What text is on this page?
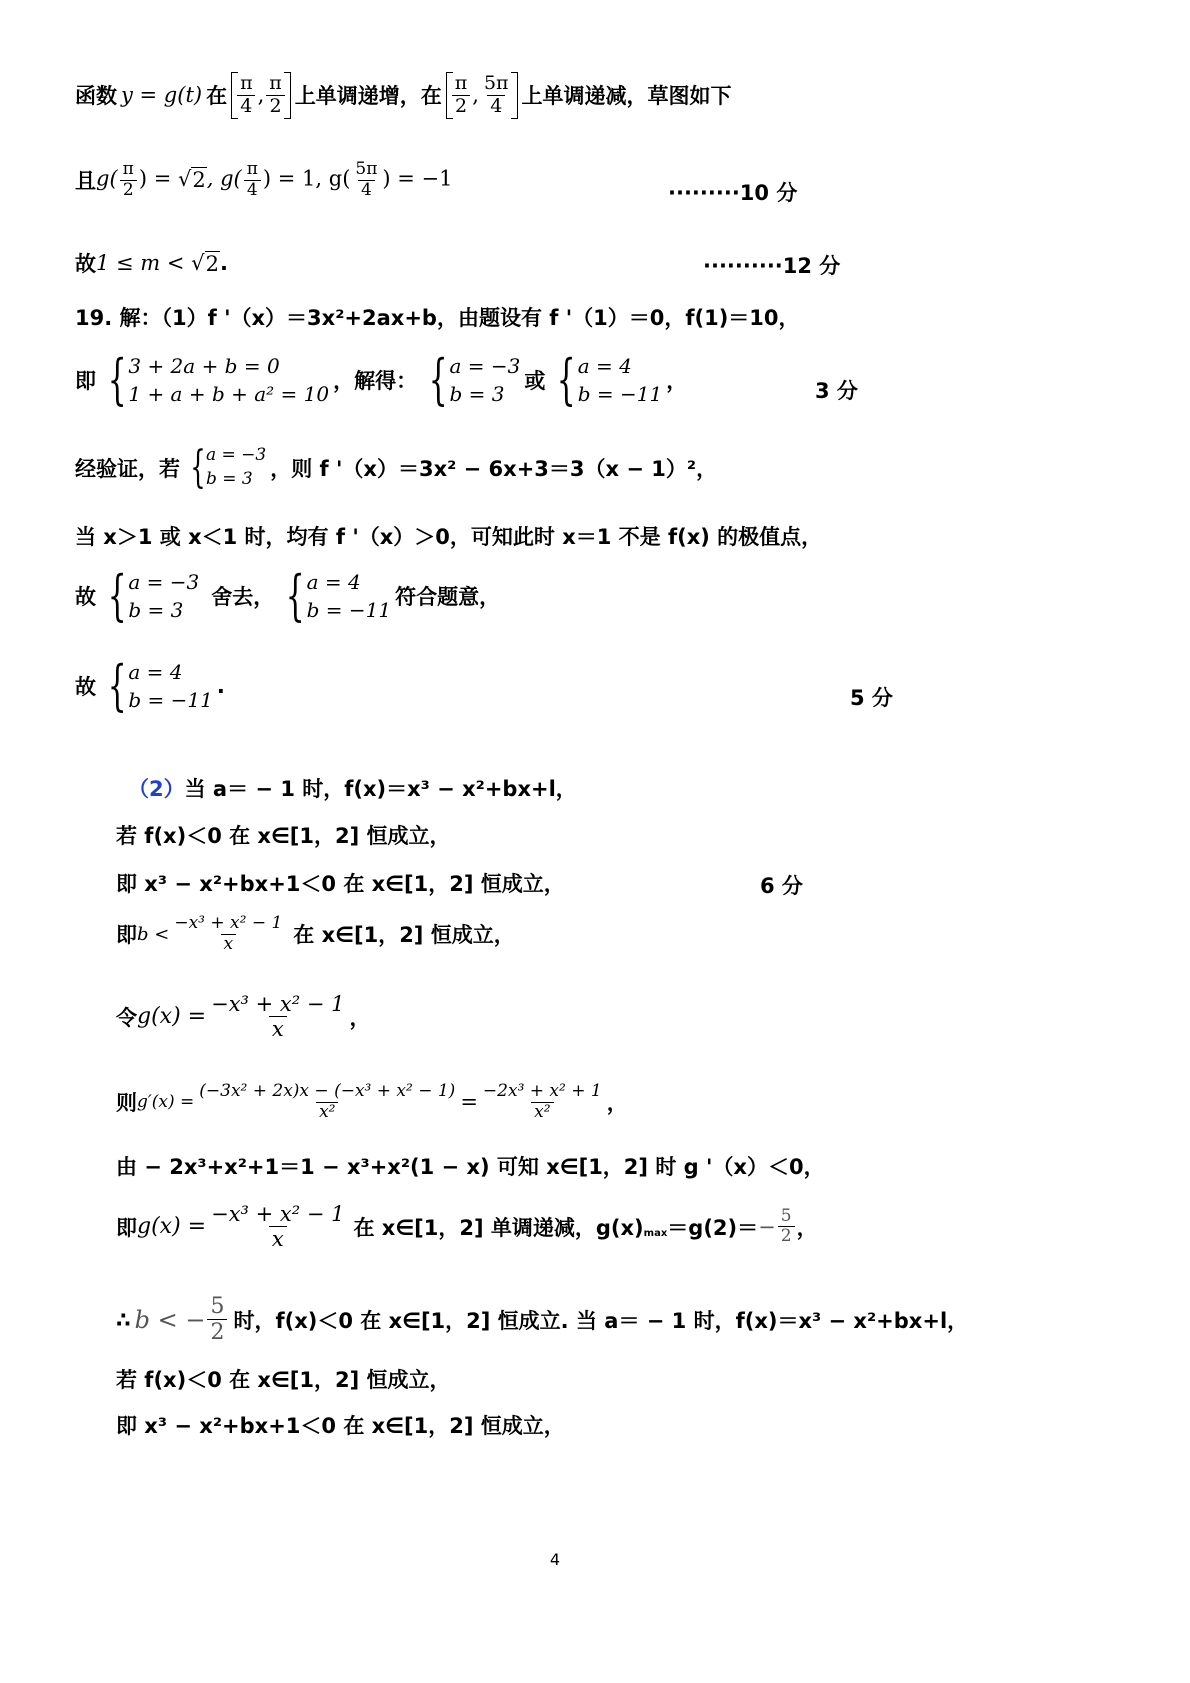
函数 y = g(t) 在 $\frac{\pi}{4}$ , $\frac{\pi}{2}$ 上单调递增，在 $\frac{\pi}{2}$ , $\frac{5\pi}{4}$ 上单调递减，草图如下
且 $g( \frac{\pi}{2}$ ) = √ 2 , $g( \frac{\pi}{4}$ ) = 1, $g( \frac{5\pi}{4}$ ) = −1
·········10 分
故 1 ≤ m < √ 2 .	··········12 分
19. 解：（1）f '（x）＝3x²+2ax+b，由题设有 f '（1）＝0，f(1)＝10，
即 { 3 + 2a + b = 0
1 + a + b + a² = 10
，解得： { a = −3
b = 3
或 { a = 4
b = −11
，	3 分
经验证，若 { a = −3
b = 3 ，则 f '（x）＝3x² − 6x+3＝3（x − 1）²，
当 x＞1 或 x＜1 时，均有 f '（x）＞0，可知此时 x＝1 不是 f(x) 的极值点，
故 { a = −3
b = 3
舍去， { a = 4
b = −11
符合题意，
故 { a = 4
b = −11
.	5 分
（2） 当 a＝ − 1 时，f(x)＝x³ − x²+bx+l，
若 f(x)＜0 在 x∈[1，2] 恒成立，
即 x³ − x²+bx+1＜0 在 x∈[1，2] 恒成立，	6 分
即 $b < \frac{\text{−x³ + x² − 1}}{x}$ 在 x∈[1，2] 恒成立，
令 $g(x) = \frac{\text{−x³ + x² − 1}}{x}$ ，
则 $g'(x) = \frac{\text{(−3x² + 2x)x − (−x³ + x² − 1)}}{\text{x²}} = \frac{\text{−2x³ + x² + 1}}{\text{x²}}$ ，
由 − 2x³+x²+1＝1 − x³+x²(1 − x) 可知 x∈[1，2] 时 g '（x）＜0，
即 $g(x) = \frac{\text{−x³ + x² − 1}}{x}$ 在 x∈[1，2] 单调递减，$g(x)_{max} =g(2)= - \frac{5}{2}$ ，
∴ b < − $\frac{5}{2}$ 时，f(x)＜0 在 x∈[1，2] 恒成立. 当 a＝ − 1 时，f(x)＝x³ − x²+bx+l，
若 f(x)＜0 在 x∈[1，2] 恒成立，
即 x³ − x²+bx+1＜0 在 x∈[1，2] 恒成立，
4
